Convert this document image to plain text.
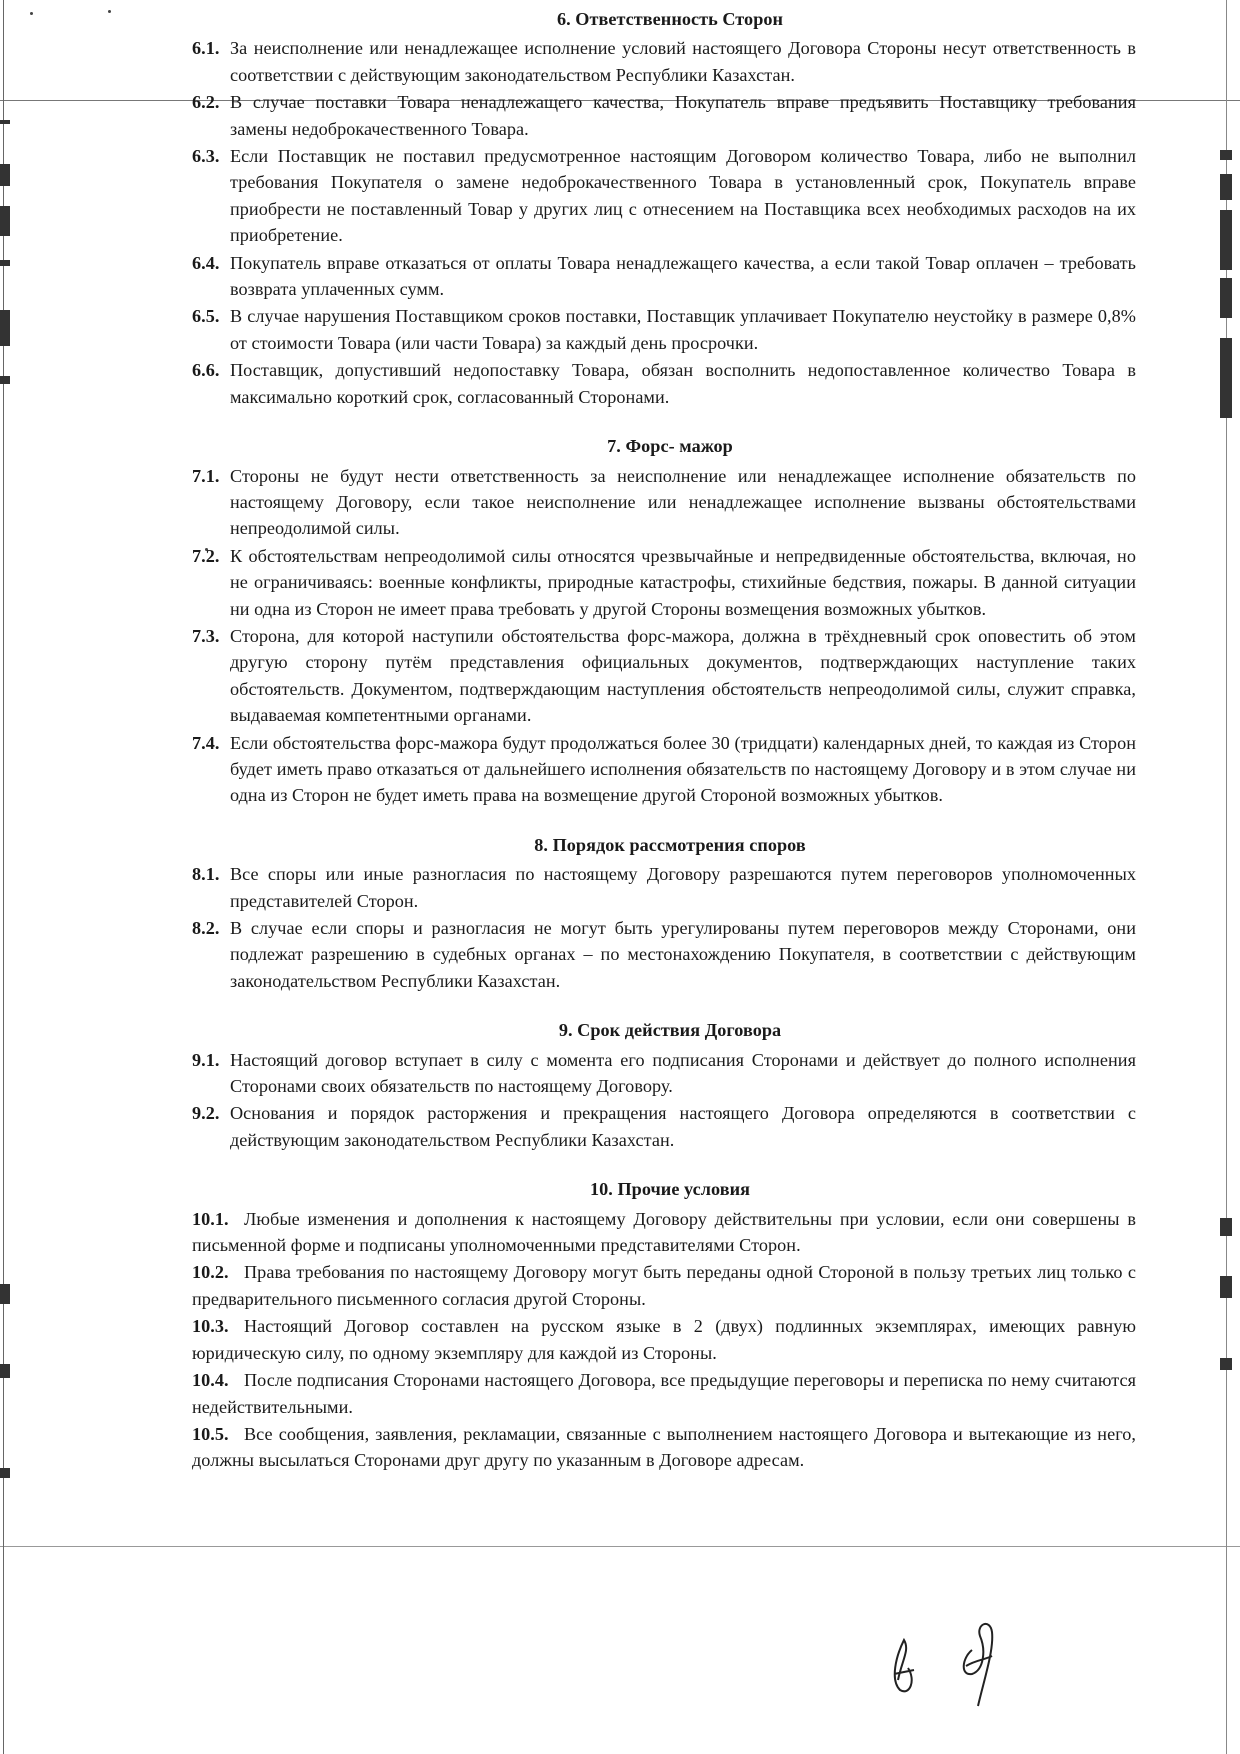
6. Ответственность Сторон
6.1. За неисполнение или ненадлежащее исполнение условий настоящего Договора Стороны несут ответственность в соответствии с действующим законодательством Республики Казахстан.
6.2. В случае поставки Товара ненадлежащего качества, Покупатель вправе предъявить Поставщику требования замены недоброкачественного Товара.
6.3. Если Поставщик не поставил предусмотренное настоящим Договором количество Товара, либо не выполнил требования Покупателя о замене недоброкачественного Товара в установленный срок, Покупатель вправе приобрести не поставленный Товар у других лиц с отнесением на Поставщика всех необходимых расходов на их приобретение.
6.4. Покупатель вправе отказаться от оплаты Товара ненадлежащего качества, а если такой Товар оплачен – требовать возврата уплаченных сумм.
6.5. В случае нарушения Поставщиком сроков поставки, Поставщик уплачивает Покупателю неустойку в размере 0,8% от стоимости Товара (или части Товара) за каждый день просрочки.
6.6. Поставщик, допустивший недопоставку Товара, обязан восполнить недопоставленное количество Товара в максимально короткий срок, согласованный Сторонами.
7. Форс- мажор
7.1. Стороны не будут нести ответственность за неисполнение или ненадлежащее исполнение обязательств по настоящему Договору, если такое неисполнение или ненадлежащее исполнение вызваны обстоятельствами непреодолимой силы.
7.2. К обстоятельствам непреодолимой силы относятся чрезвычайные и непредвиденные обстоятельства, включая, но не ограничиваясь: военные конфликты, природные катастрофы, стихийные бедствия, пожары. В данной ситуации ни одна из Сторон не имеет права требовать у другой Стороны возмещения возможных убытков.
7.3. Сторона, для которой наступили обстоятельства форс-мажора, должна в трёхдневный срок оповестить об этом другую сторону путём представления официальных документов, подтверждающих наступление таких обстоятельств. Документом, подтверждающим наступления обстоятельств непреодолимой силы, служит справка, выдаваемая компетентными органами.
7.4. Если обстоятельства форс-мажора будут продолжаться более 30 (тридцати) календарных дней, то каждая из Сторон будет иметь право отказаться от дальнейшего исполнения обязательств по настоящему Договору и в этом случае ни одна из Сторон не будет иметь права на возмещение другой Стороной возможных убытков.
8. Порядок рассмотрения споров
8.1. Все споры или иные разногласия по настоящему Договору разрешаются путем переговоров уполномоченных представителей Сторон.
8.2. В случае если споры и разногласия не могут быть урегулированы путем переговоров между Сторонами, они подлежат разрешению в судебных органах – по местонахождению Покупателя, в соответствии с действующим законодательством Республики Казахстан.
9. Срок действия Договора
9.1. Настоящий договор вступает в силу с момента его подписания Сторонами и действует до полного исполнения Сторонами своих обязательств по настоящему Договору.
9.2. Основания и порядок расторжения и прекращения настоящего Договора определяются в соответствии с действующим законодательством Республики Казахстан.
10. Прочие условия
10.1. Любые изменения и дополнения к настоящему Договору действительны при условии, если они совершены в письменной форме и подписаны уполномоченными представителями Сторон.
10.2. Права требования по настоящему Договору могут быть переданы одной Стороной в пользу третьих лиц только с предварительного письменного согласия другой Стороны.
10.3. Настоящий Договор составлен на русском языке в 2 (двух) подлинных экземплярах, имеющих равную юридическую силу, по одному экземпляру для каждой из Стороны.
10.4. После подписания Сторонами настоящего Договора, все предыдущие переговоры и переписка по нему считаются недействительными.
10.5. Все сообщения, заявления, рекламации, связанные с выполнением настоящего Договора и вытекающие из него, должны высылаться Сторонами друг другу по указанным в Договоре адресам.
